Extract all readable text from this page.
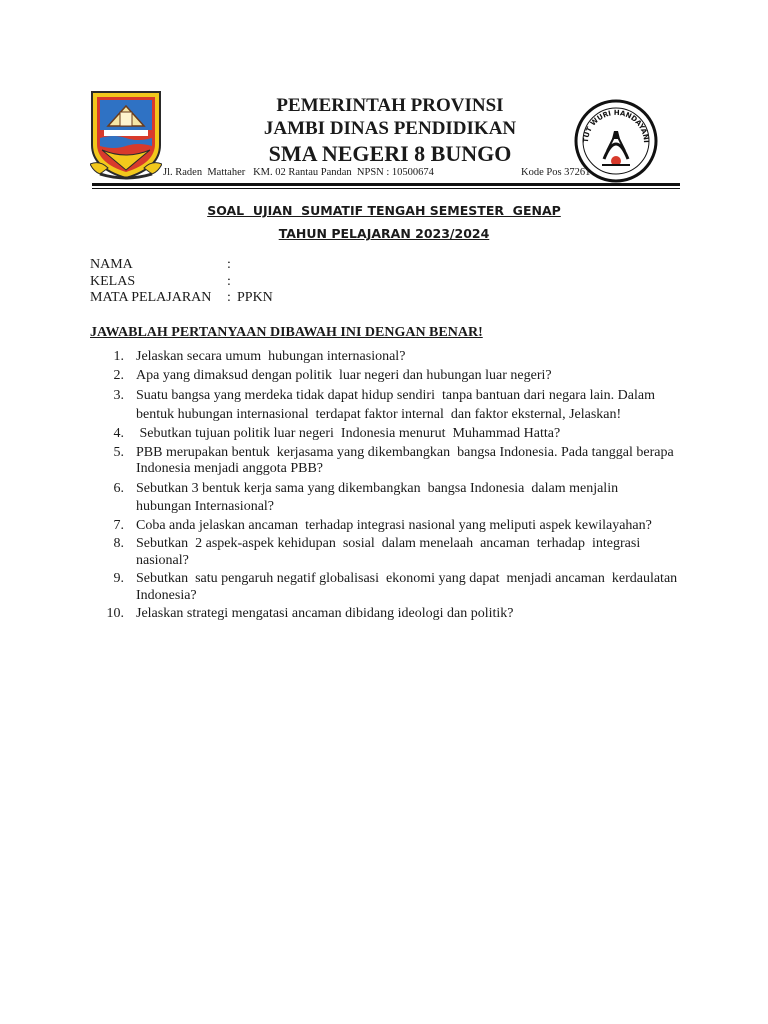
TUT WURI HANDAYANI
PEMERINTAH PROVINSI
JAMBI DINAS PENDIDIKAN
SMA NEGERI 8 BUNGO
Jl. Raden  Mattaher   KM. 02 Rantau Pandan  NPSN : 10500674	Kode Pos 37261
SOAL  UJIAN  SUMATIF TENGAH SEMESTER  GENAP
TAHUN PELAJARAN 2023/2024
NAMA	:
KELAS	:
MATA PELAJARAN : PPKN
JAWABLAH PERTANYAAN DIBAWAH INI DENGAN BENAR!
1. Jelaskan secara umum  hubungan internasional?
2. Apa yang dimaksud dengan politik  luar negeri dan hubungan luar negeri?
3. Suatu bangsa yang merdeka tidak dapat hidup sendiri  tanpa bantuan dari negara lain. Dalam bentuk hubungan internasional  terdapat faktor internal  dan faktor eksternal, Jelaskan!
4. Sebutkan tujuan politik luar negeri  Indonesia menurut  Muhammad Hatta?
5. PBB merupakan bentuk  kerjasama yang dikembangkan  bangsa Indonesia. Pada tanggal berapa Indonesia menjadi anggota PBB?
6. Sebutkan 3 bentuk kerja sama yang dikembangkan  bangsa Indonesia  dalam menjalin  hubungan Internasional?
7. Coba anda jelaskan ancaman  terhadap integrasi nasional yang meliputi aspek kewilayahan?
8. Sebutkan  2 aspek-aspek kehidupan  sosial  dalam menelaah  ancaman  terhadap  integrasi nasional?
9. Sebutkan  satu pengaruh negatif globalisasi  ekonomi yang dapat  menjadi ancaman  kerdaulatan Indonesia?
10. Jelaskan strategi mengatasi ancaman dibidang ideologi dan politik?
